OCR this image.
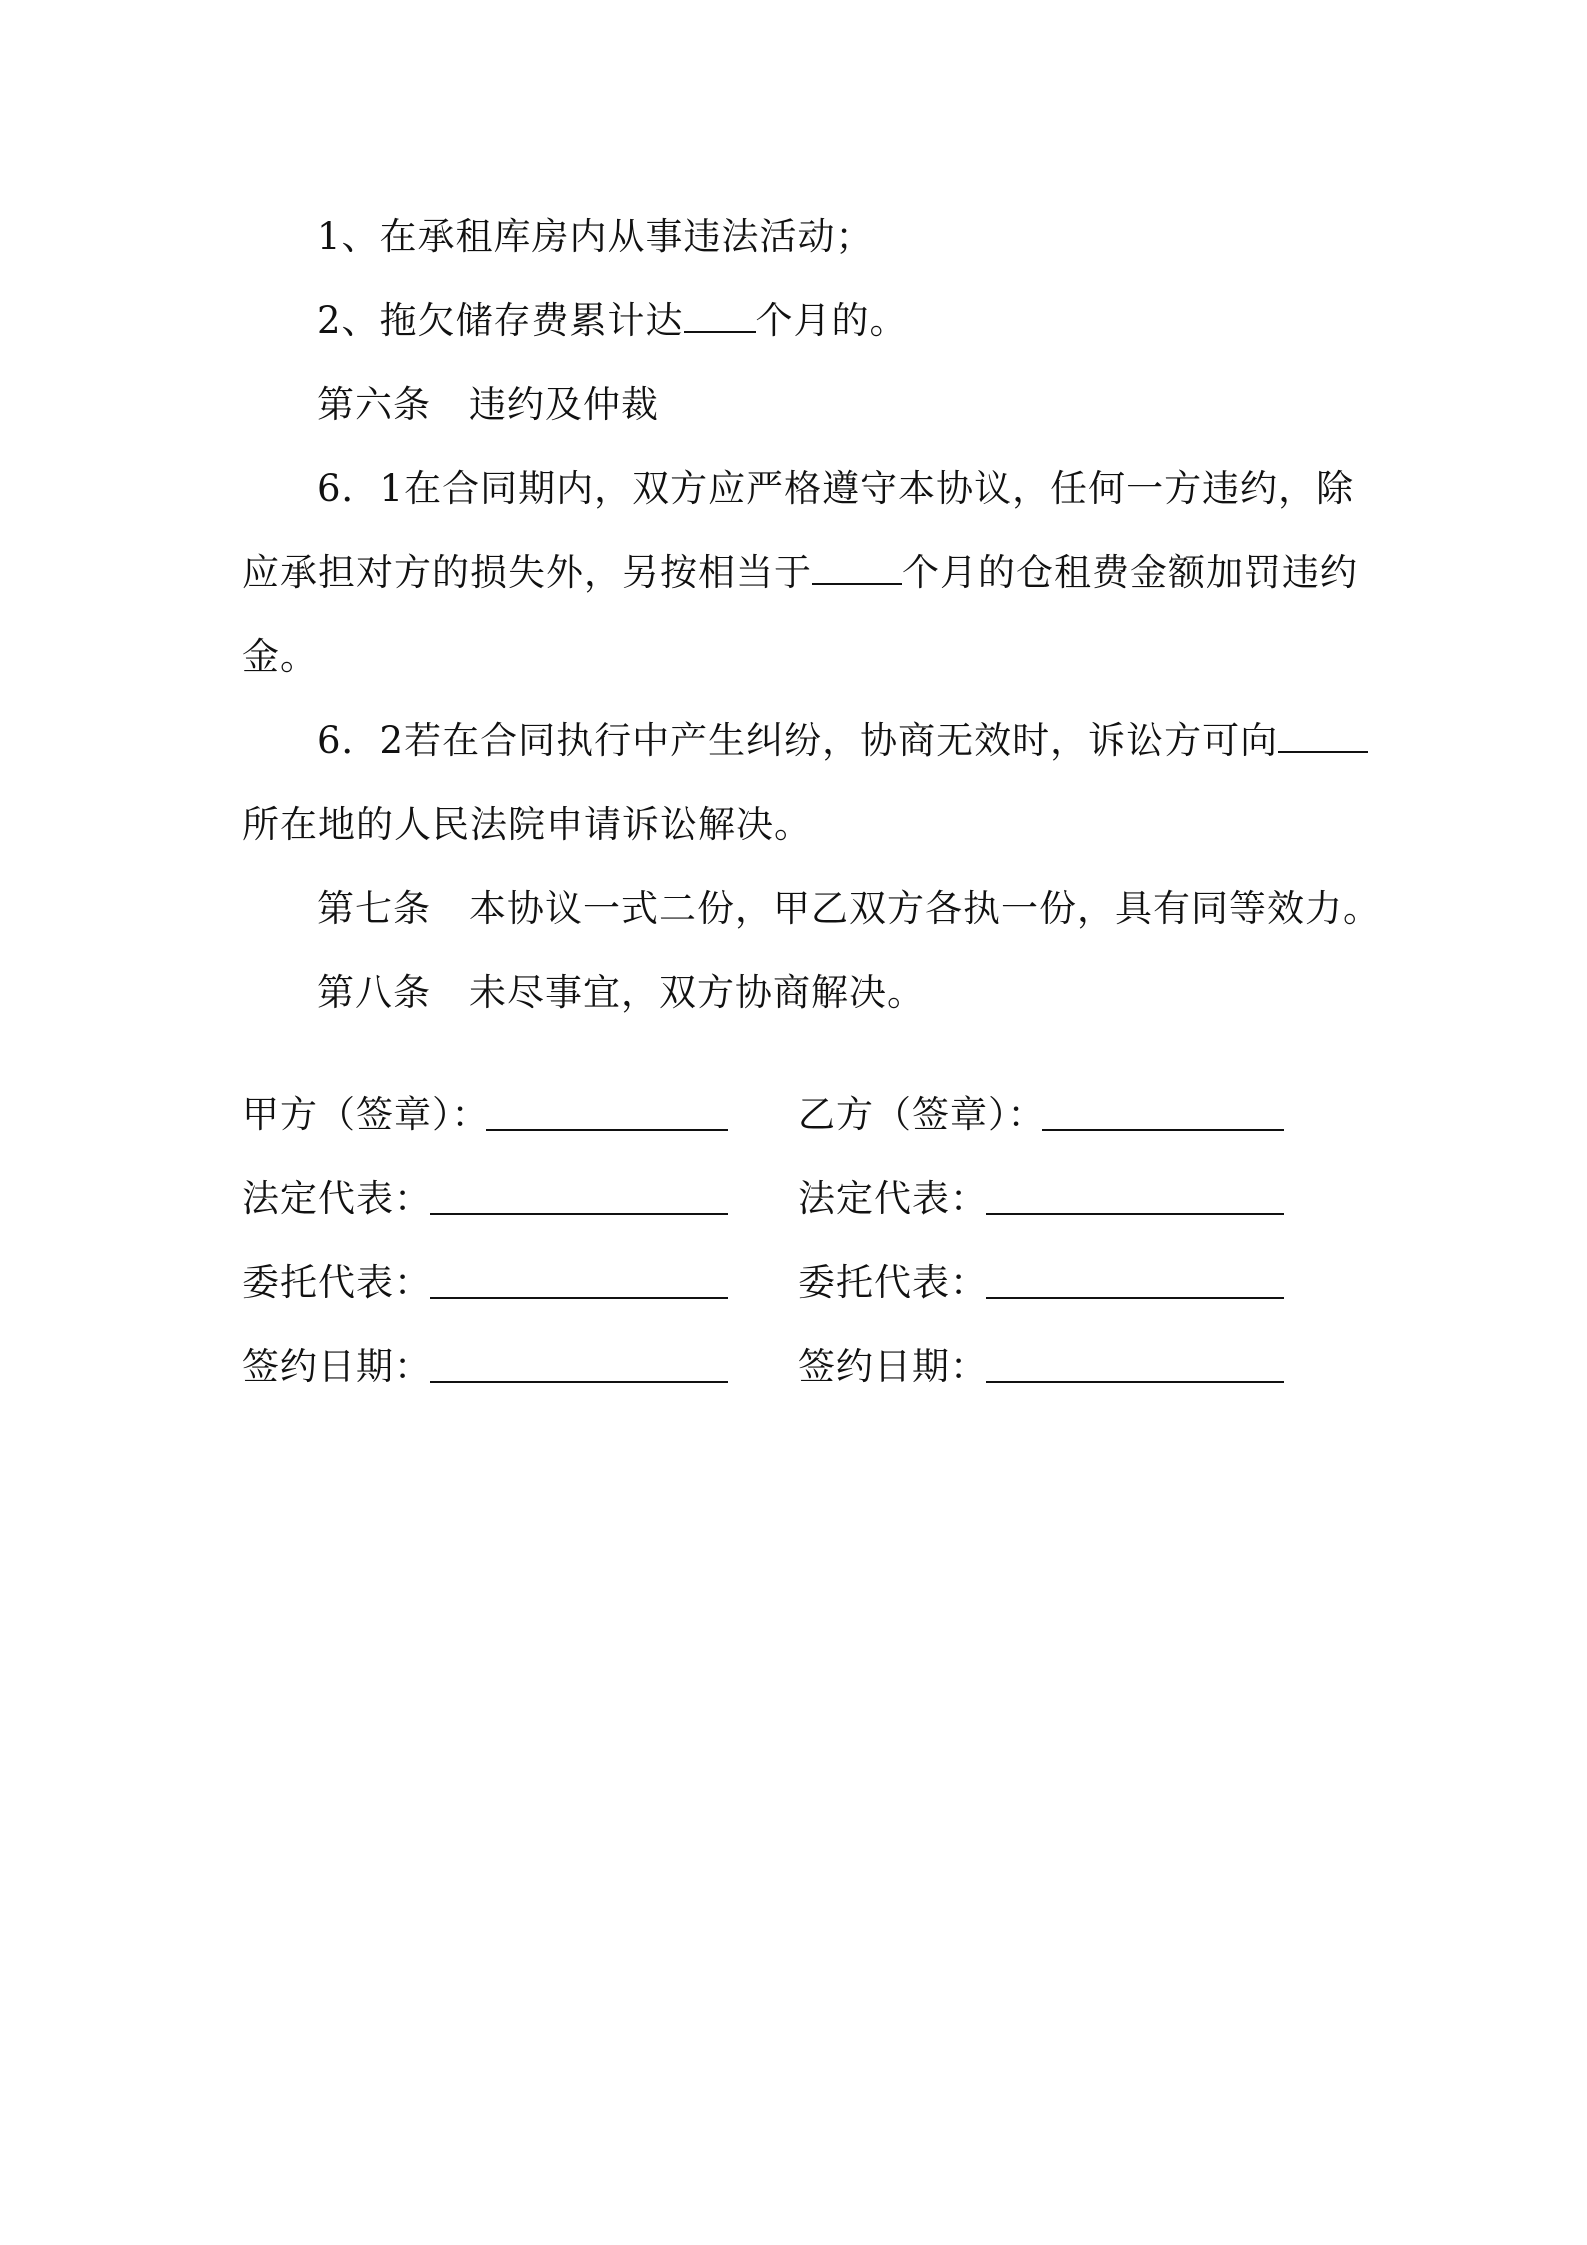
1、在承租库房内从事违法活动；
2、拖欠储存费累计达 个月的。
第六条　违约及仲裁
6．1在合同期内，双方应严格遵守本协议，任何一方违约，除
应承担对方的损失外，另按相当于 个月的仓租费金额加罚违约
金。
6．2若在合同执行中产生纠纷，协商无效时，诉讼方可向
所在地的人民法院申请诉讼解决。
第七条　本协议一式二份，甲乙双方各执一份，具有同等效力。
第八条　未尽事宜，双方协商解决。
甲方（签章）：
法定代表：
委托代表：
签约日期：
乙方（签章）：
法定代表：
委托代表：
签约日期：
